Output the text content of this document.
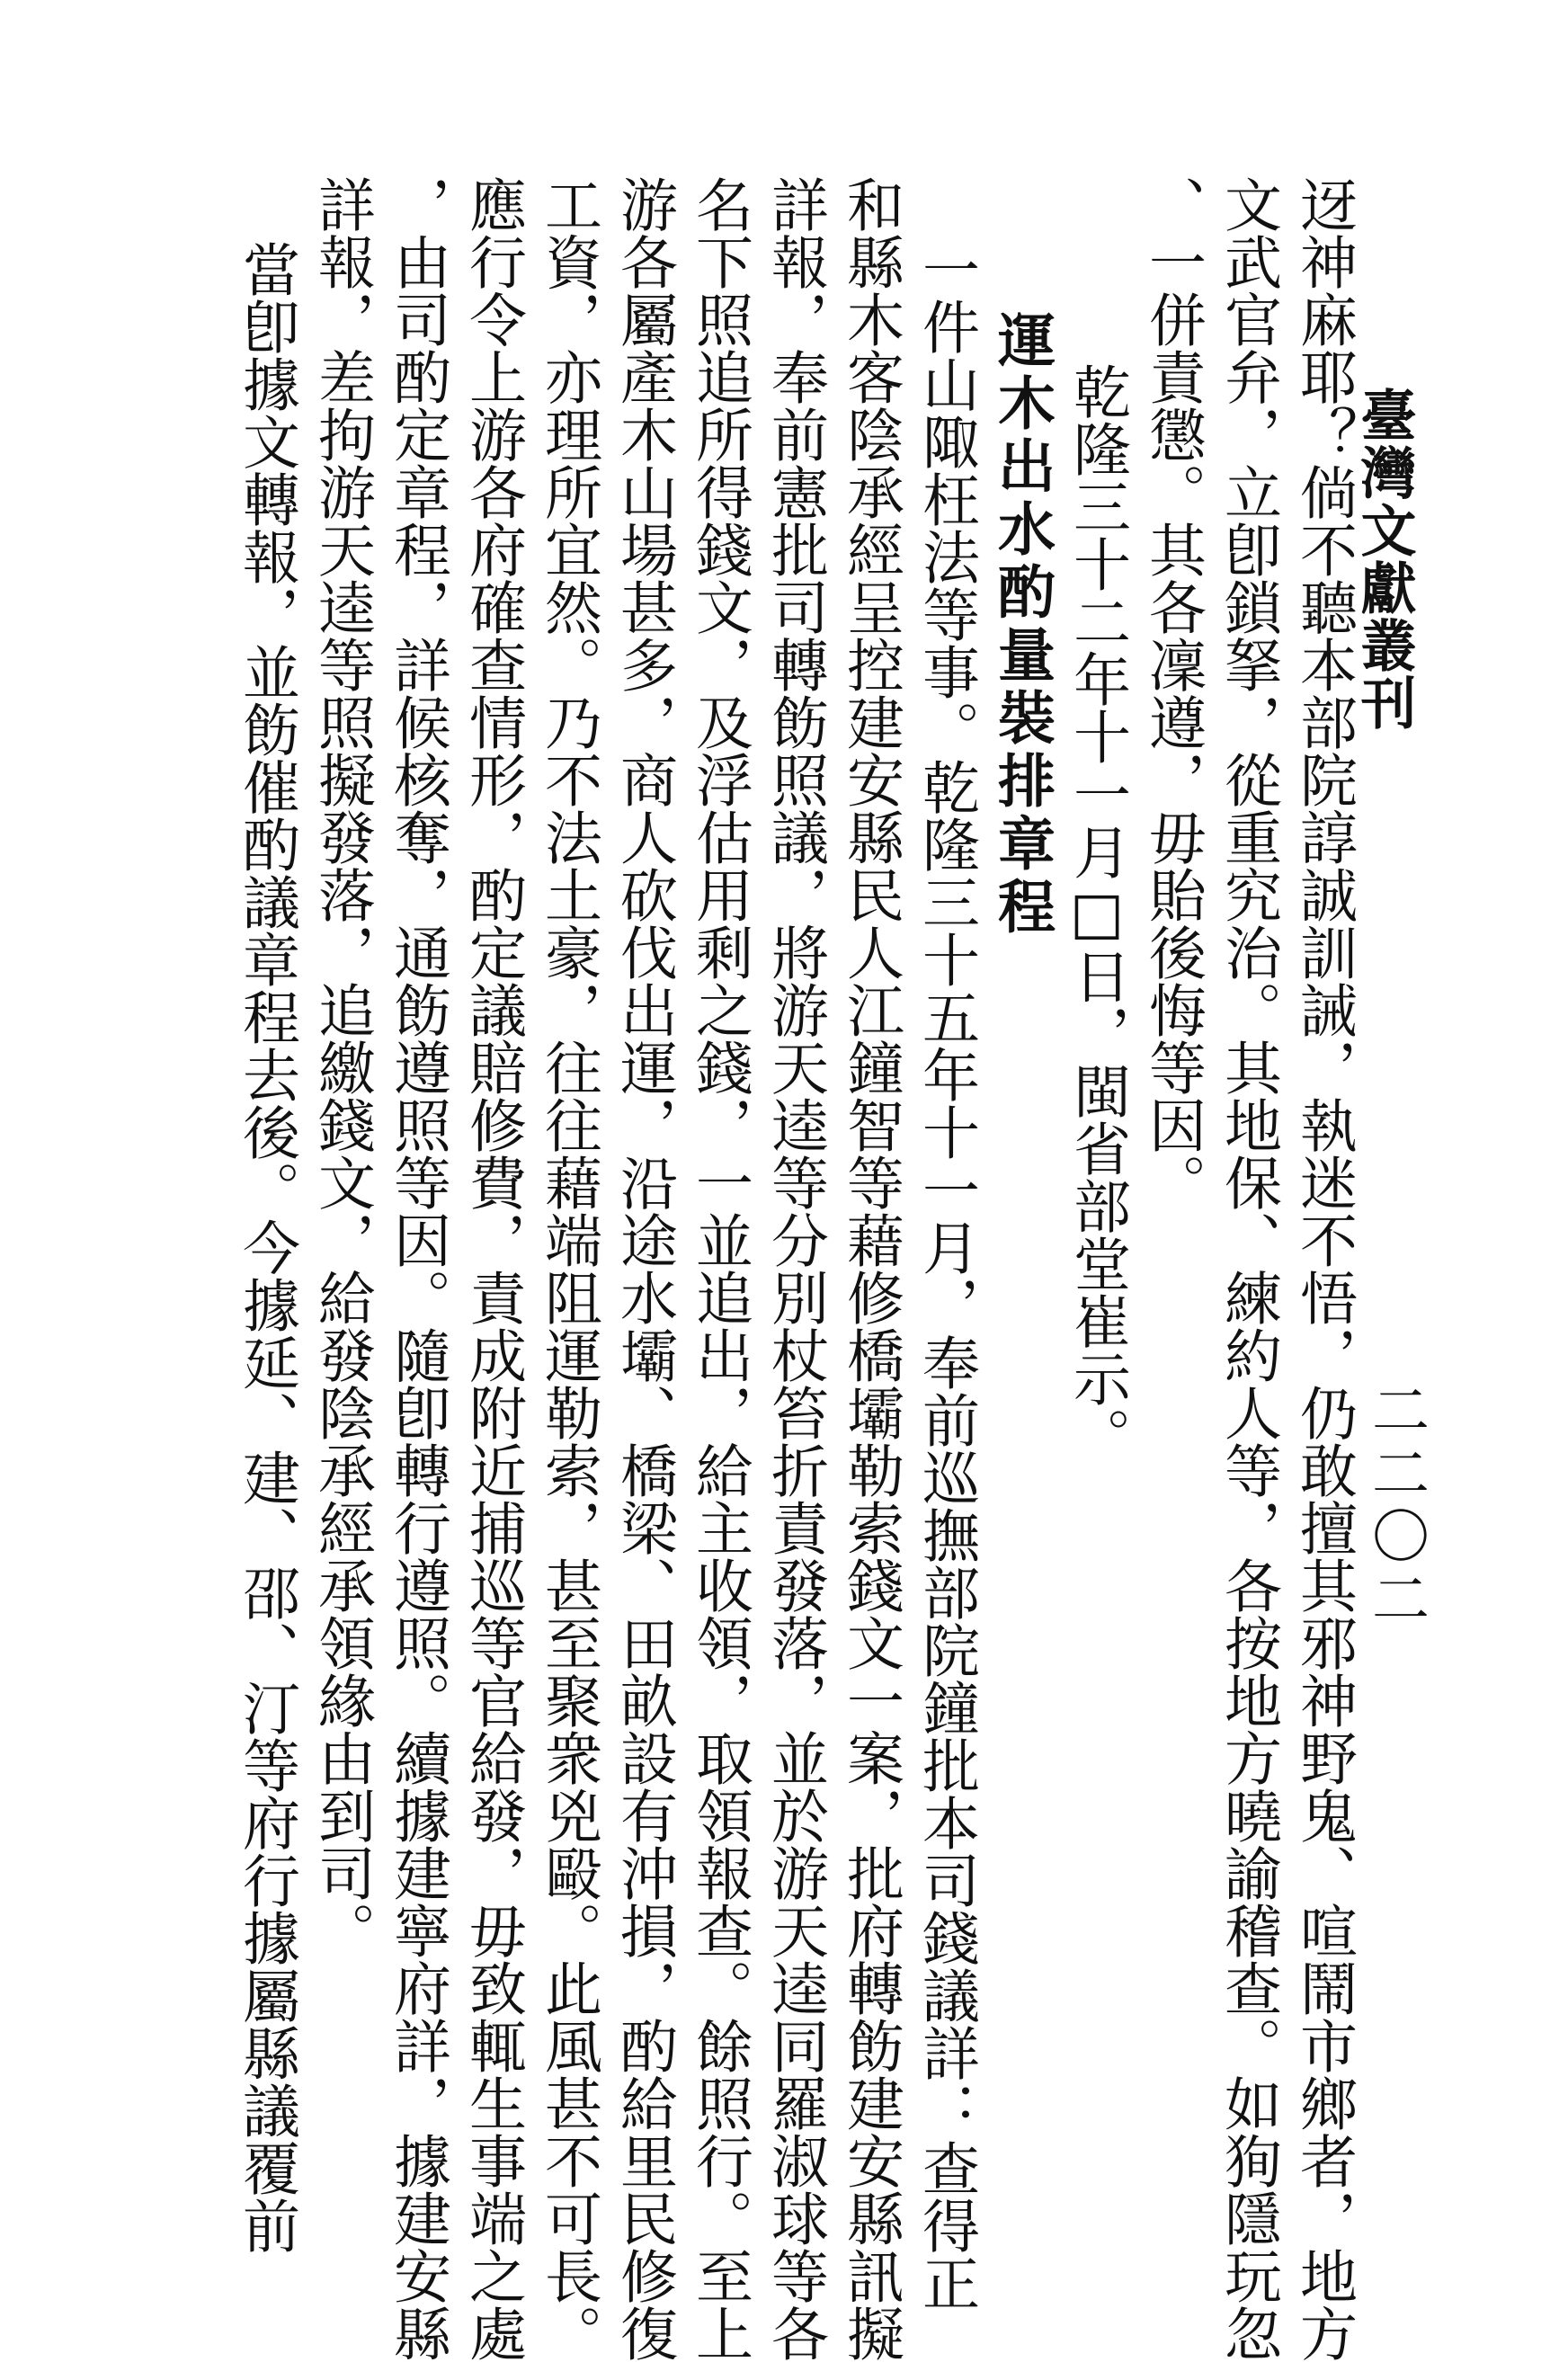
臺灣文獻叢刊
二二〇二
迓神麻耶？倘不聽本部院諄誠訓誡，執迷不悟，仍敢擅其邪神野鬼、喧鬧市鄉者，地方
文武官弁，立卽鎖拏，從重究治。其地保、練約人等，各按地方曉諭稽查。如狥隱玩忽
、一併責懲。其各凜遵，毋貽後悔等因。
乾隆三十二年十一月□日，閩省部堂崔示。
運木出水酌量裝排章程
一件山陬枉法等事。乾隆三十五年十一月，奉前巡撫部院鐘批本司錢議詳：查得正
和縣木客陰承經呈控建安縣民人江鐘智等藉修橋壩勒索錢文一案，批府轉飭建安縣訊擬
詳報，奉前憲批司轉飭照議，將游天逵等分別杖笞折責發落，並於游天逵同羅淑球等各
名下照追所得錢文，及浮估用剩之錢，一並追出，給主收領，取領報查。餘照行。至上
游各屬產木山場甚多，商人砍伐出運，沿途水壩、橋梁、田畝設有沖損，酌給里民修復
工資，亦理所宜然。乃不法土豪，往往藉端阻運勒索，甚至聚衆兇毆。此風甚不可長。
應行令上游各府確查情形，酌定議賠修費，責成附近捕巡等官給發，毋致輒生事端之處
，由司酌定章程，詳候核奪，通飭遵照等因。隨卽轉行遵照。續據建寧府詳，據建安縣
詳報，差拘游天逵等照擬發落，追繳錢文，給發陰承經承領緣由到司。
當卽據文轉報，並飭催酌議章程去後。今據延、建、邵、汀等府行據屬縣議覆前
